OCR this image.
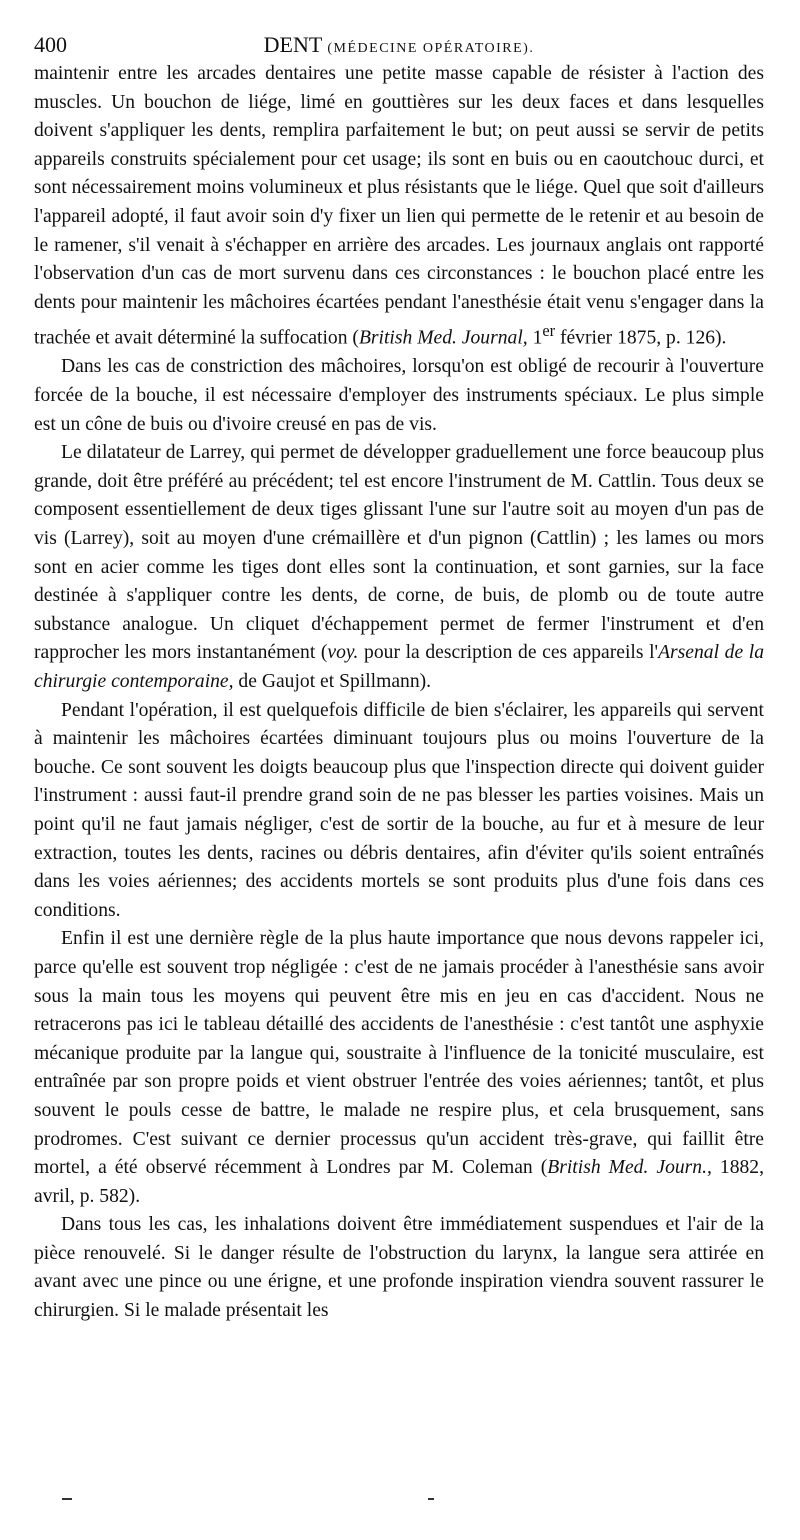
400	DENT (MÉDECINE OPÉRATOIRE).

maintenir entre les arcades dentaires une petite masse capable de résister à l'action des muscles. Un bouchon de liége, limé en gouttières sur les deux faces et dans lesquelles doivent s'appliquer les dents, remplira parfaitement le but; on peut aussi se servir de petits appareils construits spécialement pour cet usage; ils sont en buis ou en caoutchouc durci, et sont nécessairement moins volumineux et plus résistants que le liége. Quel que soit d'ailleurs l'appareil adopté, il faut avoir soin d'y fixer un lien qui permette de le retenir et au besoin de le ramener, s'il venait à s'échapper en arrière des arcades. Les journaux anglais ont rapporté l'observation d'un cas de mort survenu dans ces circonstances : le bouchon placé entre les dents pour maintenir les mâchoires écartées pendant l'anesthésie était venu s'engager dans la trachée et avait déterminé la suffocation (British Med. Journal, 1er février 1875, p. 126).

Dans les cas de constriction des mâchoires, lorsqu'on est obligé de recourir à l'ouverture forcée de la bouche, il est nécessaire d'employer des instruments spéciaux. Le plus simple est un cône de buis ou d'ivoire creusé en pas de vis.

Le dilatateur de Larrey, qui permet de développer graduellement une force beaucoup plus grande, doit être préféré au précédent; tel est encore l'instrument de M. Cattlin. Tous deux se composent essentiellement de deux tiges glissant l'une sur l'autre soit au moyen d'un pas de vis (Larrey), soit au moyen d'une crémaillère et d'un pignon (Cattlin) ; les lames ou mors sont en acier comme les tiges dont elles sont la continuation, et sont garnies, sur la face destinée à s'appliquer contre les dents, de corne, de buis, de plomb ou de toute autre substance analogue. Un cliquet d'échappement permet de fermer l'instrument et d'en rapprocher les mors instantanément (voy. pour la description de ces appareils l'Arsenal de la chirurgie contemporaine, de Gaujot et Spillmann).

Pendant l'opération, il est quelquefois difficile de bien s'éclairer, les appareils qui servent à maintenir les mâchoires écartées diminuant toujours plus ou moins l'ouverture de la bouche. Ce sont souvent les doigts beaucoup plus que l'inspection directe qui doivent guider l'instrument : aussi faut-il prendre grand soin de ne pas blesser les parties voisines. Mais un point qu'il ne faut jamais négliger, c'est de sortir de la bouche, au fur et à mesure de leur extraction, toutes les dents, racines ou débris dentaires, afin d'éviter qu'ils soient entraînés dans les voies aériennes; des accidents mortels se sont produits plus d'une fois dans ces conditions.

Enfin il est une dernière règle de la plus haute importance que nous devons rappeler ici, parce qu'elle est souvent trop négligée : c'est de ne jamais procéder à l'anesthésie sans avoir sous la main tous les moyens qui peuvent être mis en jeu en cas d'accident. Nous ne retracerons pas ici le tableau détaillé des accidents de l'anesthésie : c'est tantôt une asphyxie mécanique produite par la langue qui, soustraite à l'influence de la tonicité musculaire, est entraînée par son propre poids et vient obstruer l'entrée des voies aériennes; tantôt, et plus souvent le pouls cesse de battre, le malade ne respire plus, et cela brusquement, sans prodromes. C'est suivant ce dernier processus qu'un accident très-grave, qui faillit être mortel, a été observé récemment à Londres par M. Coleman (British Med. Journ., 1882, avril, p. 582).

Dans tous les cas, les inhalations doivent être immédiatement suspendues et l'air de la pièce renouvelé. Si le danger résulte de l'obstruction du larynx, la langue sera attirée en avant avec une pince ou une érigne, et une profonde inspiration viendra souvent rassurer le chirurgien. Si le malade présentait les
